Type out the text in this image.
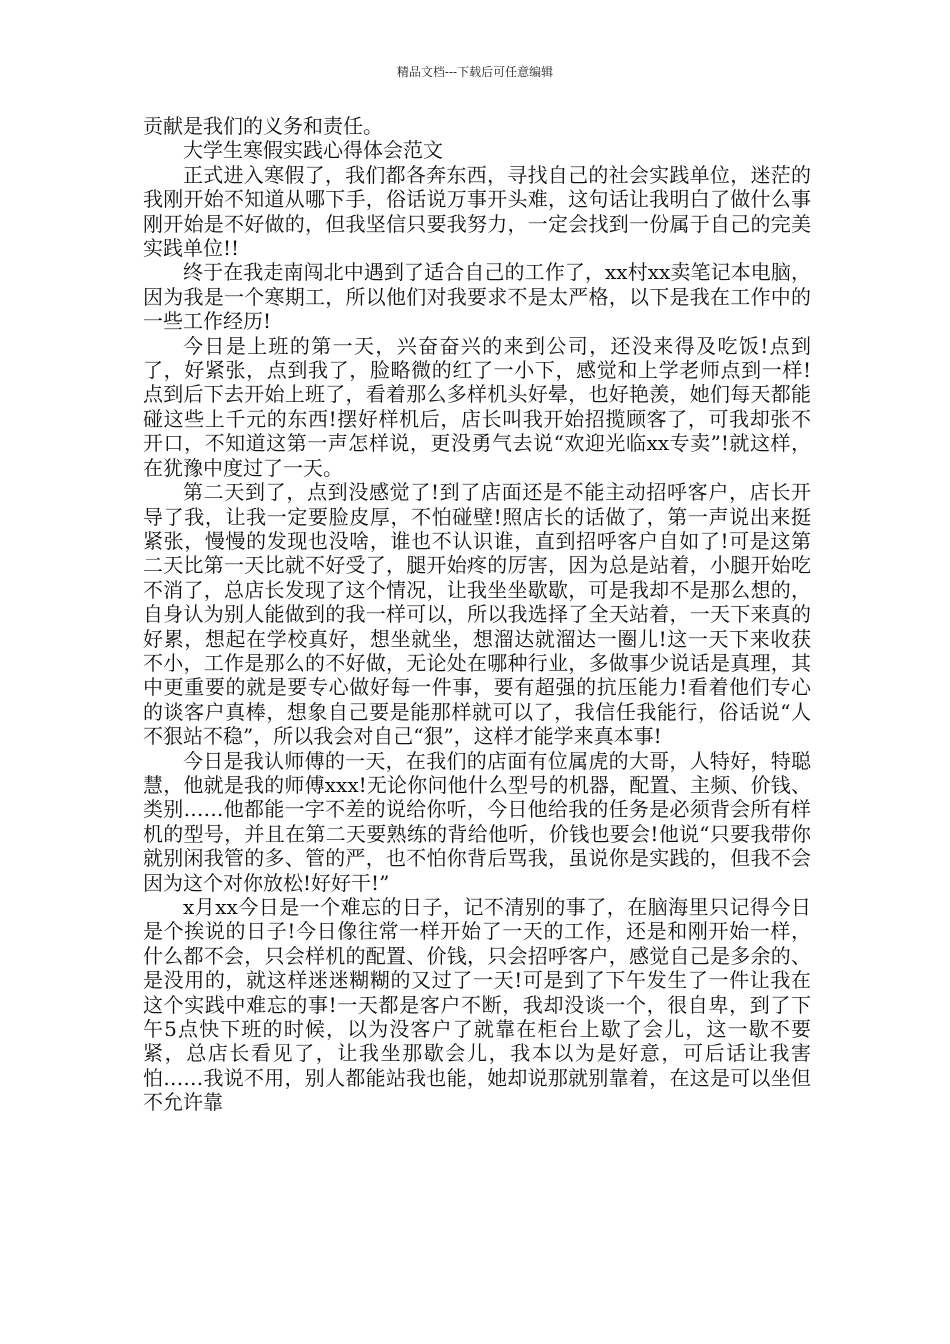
精品文档---下载后可任意编辑

贡献是我们的义务和责任。

大学生寒假实践心得体会范文

正式进入寒假了，我们都各奔东西，寻找自己的社会实践单位，迷茫的我刚开始不知道从哪下手，俗话说万事开头难，这句话让我明白了做什么事刚开始是不好做的，但我坚信只要我努力，一定会找到一份属于自己的完美实践单位!!

终于在我走南闯北中遇到了适合自己的工作了，xx村xx卖笔记本电脑，因为我是一个寒期工，所以他们对我要求不是太严格，以下是我在工作中的一些工作经历!

今日是上班的第一天，兴奋奋兴的来到公司，还没来得及吃饭!点到了，好紧张，点到我了，脸略微的红了一小下，感觉和上学老师点到一样!点到后下去开始上班了，看着那么多样机头好晕，也好艳羡，她们每天都能碰这些上千元的东西!摆好样机后，店长叫我开始招揽顾客了，可我却张不开口，不知道这第一声怎样说，更没勇气去说“欢迎光临xx专卖”!就这样，在犹豫中度过了一天。

第二天到了，点到没感觉了!到了店面还是不能主动招呼客户，店长开导了我，让我一定要脸皮厚，不怕碰壁!照店长的话做了，第一声说出来挺紧张，慢慢的发现也没啥，谁也不认识谁，直到招呼客户自如了!可是这第二天比第一天比就不好受了，腿开始疼的厉害，因为总是站着，小腿开始吃不消了，总店长发现了这个情况，让我坐坐歇歇，可是我却不是那么想的，自身认为别人能做到的我一样可以，所以我选择了全天站着，一天下来真的好累，想起在学校真好，想坐就坐，想溜达就溜达一圈儿!这一天下来收获不小，工作是那么的不好做，无论处在哪种行业，多做事少说话是真理，其中更重要的就是要专心做好每一件事，要有超强的抗压能力!看着他们专心的谈客户真棒，想象自己要是能那样就可以了，我信任我能行，俗话说“人不狠站不稳”，所以我会对自己“狠”，这样才能学来真本事!

今日是我认师傅的一天，在我们的店面有位属虎的大哥，人特好，特聪慧，他就是我的师傅xxx!无论你问他什么型号的机器，配置、主频、价钱、类别……他都能一字不差的说给你听，今日他给我的任务是必须背会所有样机的型号，并且在第二天要熟练的背给他听，价钱也要会!他说“只要我带你就别闲我管的多、管的严，也不怕你背后骂我，虽说你是实践的，但我不会因为这个对你放松!好好干!”

x月xx今日是一个难忘的日子，记不清别的事了，在脑海里只记得今日是个挨说的日子!今日像往常一样开始了一天的工作，还是和刚开始一样，什么都不会，只会样机的配置、价钱，只会招呼客户，感觉自己是多余的、是没用的，就这样迷迷糊糊的又过了一天!可是到了下午发生了一件让我在这个实践中难忘的事!一天都是客户不断，我却没谈一个，很自卑，到了下午5点快下班的时候，以为没客户了就靠在柜台上歇了会儿，这一歇不要紧，总店长看见了，让我坐那歇会儿，我本以为是好意，可后话让我害怕……我说不用，别人都能站我也能，她却说那就别靠着，在这是可以坐但不允许靠
